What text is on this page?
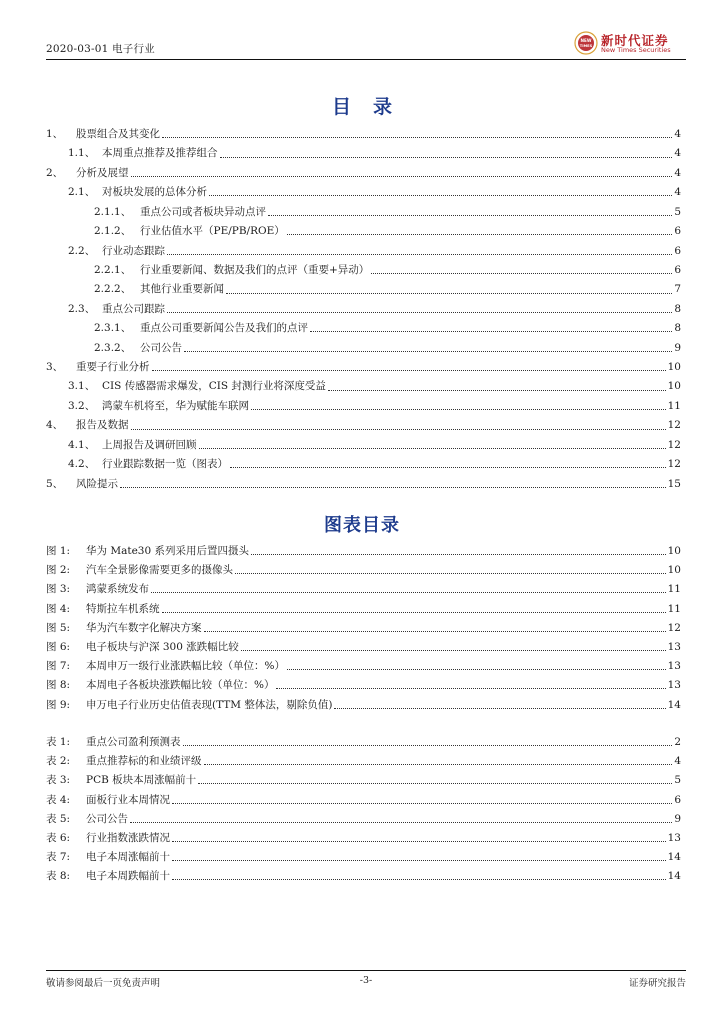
2020-03-01 电子行业
NEW
TIMES 新时代证券
New Times Securities
目录
1、	股票组合及其变化	4
1.1、 本周重点推荐及推荐组合	4
2、	分析及展望	4
2.1、 对板块发展的总体分析	4
2.1.1、 重点公司或者板块异动点评	5
2.1.2、 行业估值水平（PE/PB/ROE）	6
2.2、 行业动态跟踪	6
2.2.1、 行业重要新闻、数据及我们的点评（重要+异动）	6
2.2.2、 其他行业重要新闻	7
2.3、 重点公司跟踪	8
2.3.1、 重点公司重要新闻公告及我们的点评	8
2.3.2、 公司公告	9
3、	重要子行业分析	10
3.1、 CIS 传感器需求爆发，CIS 封测行业将深度受益	10
3.2、 鸿蒙车机将至，华为赋能车联网	11
4、	报告及数据	12
4.1、 上周报告及调研回顾	12
4.2、 行业跟踪数据一览（图表）	12
5、	风险提示	15
图表目录
图 1:	华为 Mate30 系列采用后置四摄头	10
图 2:	汽车全景影像需要更多的摄像头	10
图 3:	鸿蒙系统发布	11
图 4:	特斯拉车机系统	11
图 5:	华为汽车数字化解决方案	12
图 6:	电子板块与沪深 300 涨跌幅比较	13
图 7:	本周申万一级行业涨跌幅比较（单位：%）	13
图 8:	本周电子各板块涨跌幅比较（单位：%）	13
图 9:	申万电子行业历史估值表现(TTM 整体法，剔除负值)	14
表 1:	重点公司盈利预测表	2
表 2:	重点推荐标的和业绩评级	4
表 3:	PCB 板块本周涨幅前十	5
表 4:	面板行业本周情况	6
表 5:	公司公告	9
表 6:	行业指数涨跌情况	13
表 7:	电子本周涨幅前十	14
表 8:	电子本周跌幅前十	14
敬请参阅最后一页免责声明	-3-	证券研究报告
